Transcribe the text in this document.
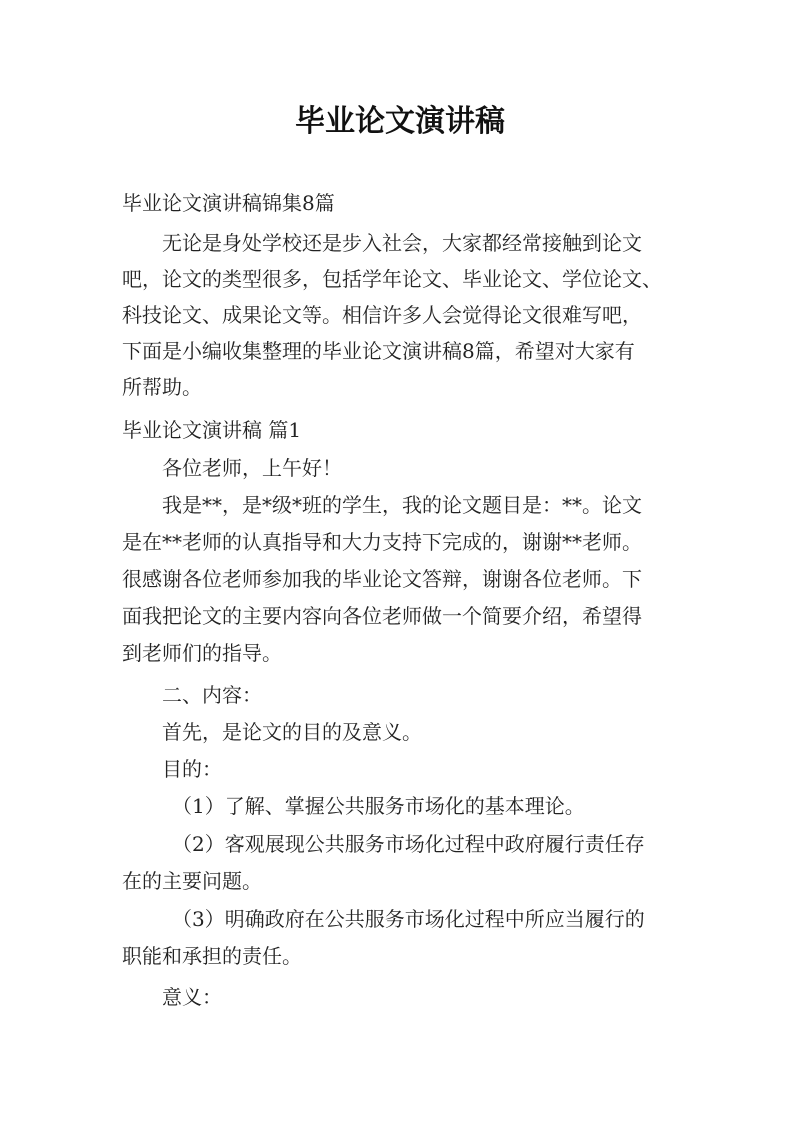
毕业论文演讲稿
毕业论文演讲稿锦集8篇
无论是身处学校还是步入社会，大家都经常接触到论文
吧，论文的类型很多，包括学年论文、毕业论文、学位论文、
科技论文、成果论文等。相信许多人会觉得论文很难写吧，
下面是小编收集整理的毕业论文演讲稿8篇，希望对大家有
所帮助。
毕业论文演讲稿 篇1
各位老师，上午好！
我是**，是*级*班的学生，我的论文题目是：**。论文
是在**老师的认真指导和大力支持下完成的，谢谢**老师。
很感谢各位老师参加我的毕业论文答辩，谢谢各位老师。下
面我把论文的主要内容向各位老师做一个简要介绍，希望得
到老师们的指导。
二、内容：
首先，是论文的目的及意义。
目的：
（1）了解、掌握公共服务市场化的基本理论。
（2）客观展现公共服务市场化过程中政府履行责任存
在的主要问题。
（3）明确政府在公共服务市场化过程中所应当履行的
职能和承担的责任。
意义：
